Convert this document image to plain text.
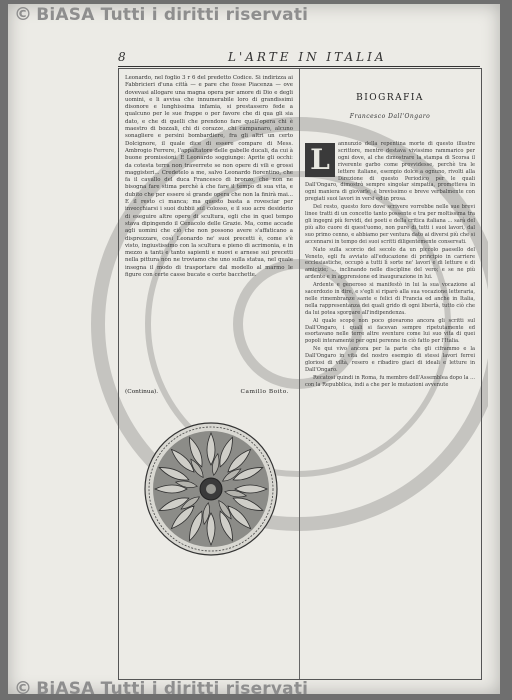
8	L'ARTE IN ITALIA

Leonardo, nel foglio 3 r 6 del predetto Codice. Si indirizza ai Fabbricieri d'una città — e pare che fosse Piacenza — ove dovevasi allogare una magna opera per amore di Dio e degli uomini, e li avvisa che innumerabile loro di grandissimi disonore e lunghissima infamia, si prestassero fede a qualcuno per le sue frappe o per favore che di qua gli sia dato, e che di quelli che prendono fare quell'opera chi è maestro di bozzali, chi di corazze, chi campanaro, alcuno sonagliere e persini bombardiere, fra gli altri un certo Dolcignore, il quale dice di essere compare di Mess. Ambrogio Ferrere, l'appaltatore delle gabelle ducali, da cui à buone promissioni. E Leonardo soggiunge: Aprite gli occhi: da cotesta terra non traverrete se non opere di vili e grossi maggisteri... Credetelo a me, salvo Leonardo fiorentino, che fa il cavallo del duca Francesco di bronzo, che non ne bisogna fare stima perchè à che fare il tempo di sua vita, e dubito che per essere sì grande opera che non la finirà mai... E il resto ci manca; ma questo basta a rovesciar per invecchiarsi i suoi dubbii sul colosso, e il suo acre desiderio di eseguire altre opere di scultura, egli che in quel tempo stava dipingendo il Cenacolo delle Grazie. Ma, come accade agli uomini che ciò che non possono avere s'affaticano a disprezzare, così Leonardo ne' suoi precetti è, come s'è visto, ingiustissimo con la scultura e pieno di acrimonia, e in mezzo a tanti e tanto sapienti e nuovi e arnese sui precetti nella pittura non ne troviamo che uno sulla statua, nel quale insegna il modo di trasportare dal modello al marmo le figure con certe casse bucate e certe bacchette.

(Continua).	Camillo Boito.
BIOGRAFIA
Francesco Dall'Ongaro

annunzio della repentina morte di questo illustre scrittore, mentre destava vivissimo rammarico per ogni dove, al che dimostrare la stampa di Scorsa il riverente garbo come provvidesse, perchè tra le lettere italiane, esempio dolce a ognuno, rivolti alla Direzione di questo Periodico per le quali Dall'Ongaro, dimostrò sempre singolar simpatia, prometteva in ogni maniera di giovarle, è brevissimo e breve verbalmente con pregiati suoi lavori in versi ed in prosa.

Del resto, questo foro dove scrivere vorrebbe nelle sue brevi linee tratti di un concetto tanto possente e tra per moltissima tra gli ingegni più fervidi, dei poeti e della critica italiana ... sarà del più alto cuore di quest'uomo, non pure di tutti i suoi lavori, dal suo primo cenno, e abbiamo per ventura dato ai diversi più che si accennarsi in tempo dei suoi scritti diligentemente conservati.

Nato sulla scorcio del secolo da un piccolo paesello del Veneto, egli fu avviato all'educazione di principio in carriere ecclesiastiche, occupò a tutti lì sorte ne' lavori e di letture e di amicizie; ... inclinando nelle discipline del vero; e se ne più ardente e in apprensione ed inaugurazione in lui.

Ardente e generoso si manifestò in lui la sua vocazione al sacerdozio in dire, e s'egli si riparò alla sua vocazione letteraria, nelle rimembranze sante e felici di Francia ed anche in Italia, nella rappresentanza dei quali grido di ogni libertà, tutto ciò che da lui potea sgorgare all'indipendenza.

Al quale scopo non poco giovarono ancora gli scritti sul Dall'Ongaro, i quali si facevan sempre ripetutamente ed esortavano nelle terre altre sventure come lui suo vita di quei popoli interamente per ogni perenne in ciò fatto per l'Italia.

Ne qui vivo ancora per la parte che gli ciframmo e la Dall'Ongaro in vita del nostro esempio di stessi lavori ferrei gloriosi di viltà, resero e ribadiro giaci di ideali e letture in Dall'Ongaro.

Recatosi quindi in Roma, fu membro dell'Assemblea dopo la ... con la Repubblica, indi a che per le mutazioni avvenute

L
© BiASA Tutti i diritti riservati
© BiASA Tutti i diritti riservati
